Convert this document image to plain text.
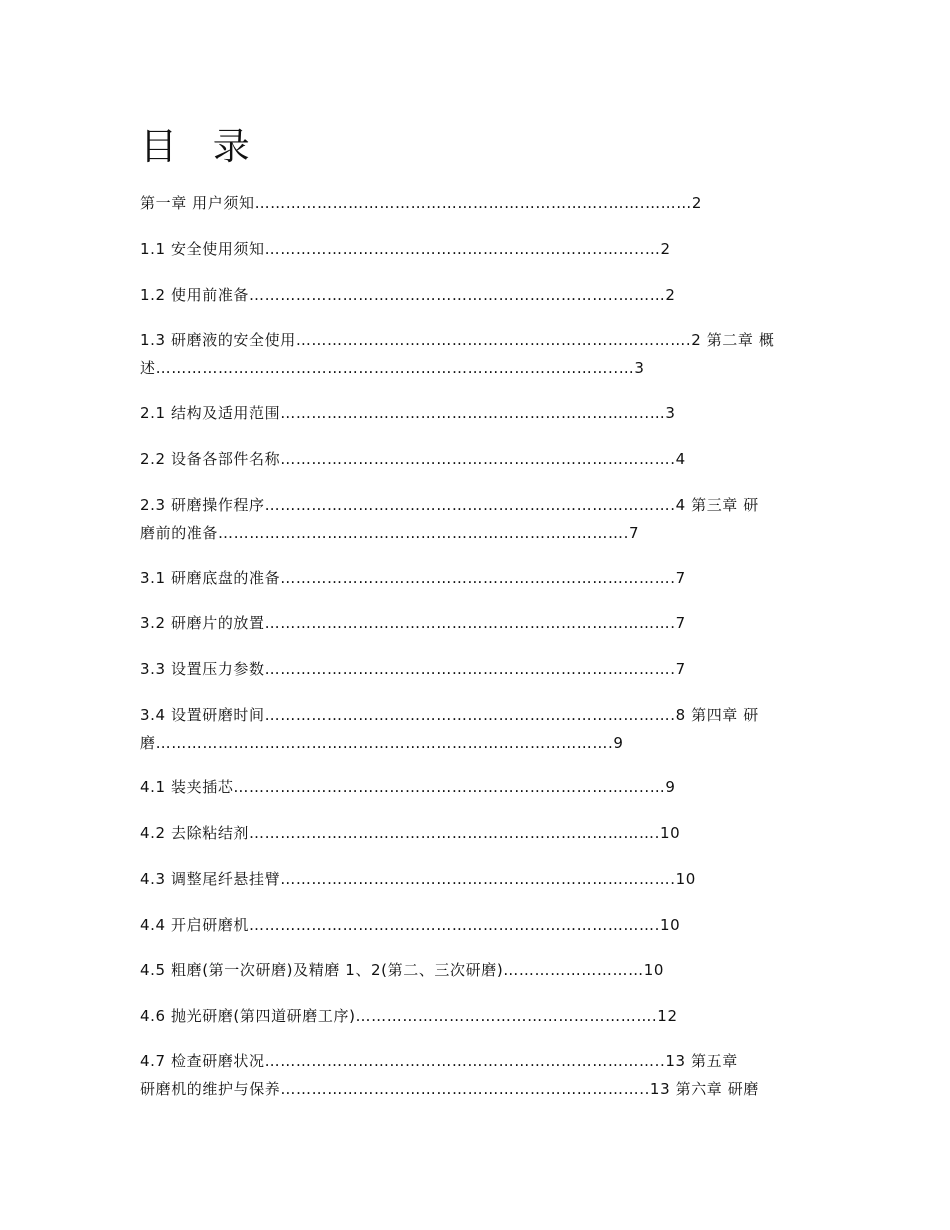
目 录

第一章 用户须知…………………………………………………………..…….………2

1.1 安全使用须知………………………………………………………..……..…2

1.2 使用前准备……………………………………………………………..………2

1.3 研磨液的安全使用………………………………………………………………….2 第二章 概

述……………………………………………………………………………..…3

2.1 结构及适用范围……………………………………………………………..…3

2.2 设备各部件名称………………………………………………………………….4

2.3 研磨操作程序…………………………………………………………………….4 第三章 研

磨前的准备…………………………………………………………………….7

3.1 研磨底盘的准备………………………………………………………………….7

3.2 研磨片的放置…………………………………………………………………….7

3.3 设置压力参数…………………………………………………………………….7

3.4 设置研磨时间…………………………………………………………………….8 第四章 研

磨…………………………………………………………………………….9

4.1 装夹插芯……………………………………………………………………..…9

4.2 去除粘结剂…………………………………………………………………….10

4.3 调整尾纤悬挂臂………………………………………………………………….10

4.4 开启研磨机…………………………………………………………………….10

4.5 粗磨(第一次研磨)及精磨 1、2(第二、三次研磨)………………………10

4.6 抛光研磨(第四道研磨工序)………………………………………………….12

4.7 检查研磨状况…………………………………………………………………..13 第五章

研磨机的维护与保养……………………………………………………………..13 第六章 研磨
